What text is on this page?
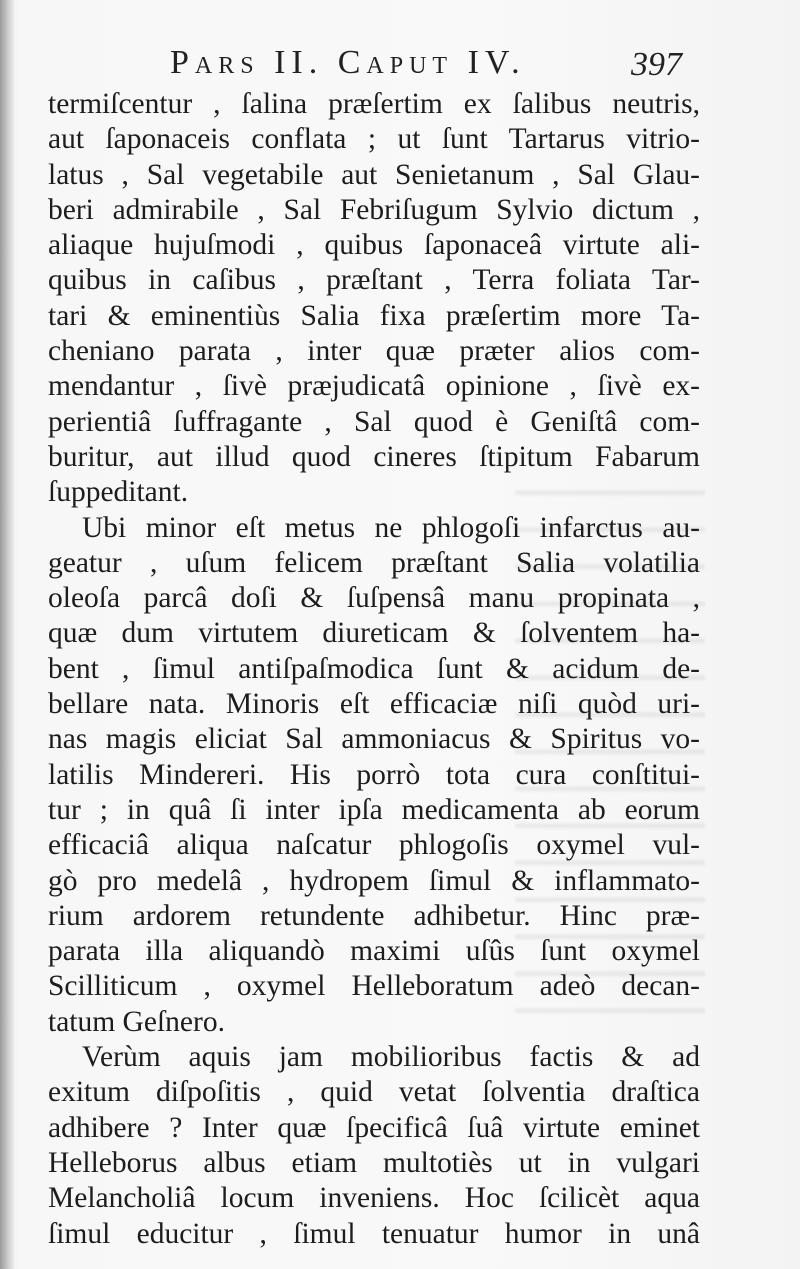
Pars II. Caput IV.	397
termiſcentur , ſalina præſertim ex ſalibus neutris,
aut ſaponaceis conflata ; ut ſunt Tartarus vitrio-
latus , Sal vegetabile aut Senietanum , Sal Glau-
beri admirabile , Sal Febriſugum Sylvio dictum ,
aliaque hujuſmodi , quibus ſaponaceâ virtute ali-
quibus in caſibus , præſtant , Terra foliata Tar-
tari & eminentiùs Salia fixa præſertim more Ta-
cheniano parata , inter quæ præter alios com-
mendantur , ſivè præjudicatâ opinione , ſivè ex-
perientiâ ſuffragante , Sal quod è Geniſtâ com-
buritur, aut illud quod cineres ſtipitum Fabarum
ſuppeditant.
Ubi minor eſt metus ne phlogoſi infarctus au-
geatur , uſum felicem præſtant Salia volatilia
oleoſa parcâ doſi & ſuſpensâ manu propinata ,
quæ dum virtutem diureticam & ſolventem ha-
bent , ſimul antiſpaſmodica ſunt & acidum de-
bellare nata. Minoris eſt efficaciæ niſi quòd uri-
nas magis eliciat Sal ammoniacus & Spiritus vo-
latilis Mindereri. His porrò tota cura conſtitui-
tur ; in quâ ſi inter ipſa medicamenta ab eorum
efficaciâ aliqua naſcatur phlogoſis oxymel vul-
gò pro medelâ , hydropem ſimul & inflammato-
rium ardorem retundente adhibetur. Hinc præ-
parata illa aliquandò maximi uſûs ſunt oxymel
Scilliticum , oxymel Helleboratum adeò decan-
tatum Geſnero.
Verùm aquis jam mobilioribus factis & ad
exitum diſpoſitis , quid vetat ſolventia draſtica
adhibere ? Inter quæ ſpecificâ ſuâ virtute eminet
Helleborus albus etiam multotiès ut in vulgari
Melancholiâ locum inveniens. Hoc ſcilicèt aqua
ſimul educitur , ſimul tenuatur humor in unâ
